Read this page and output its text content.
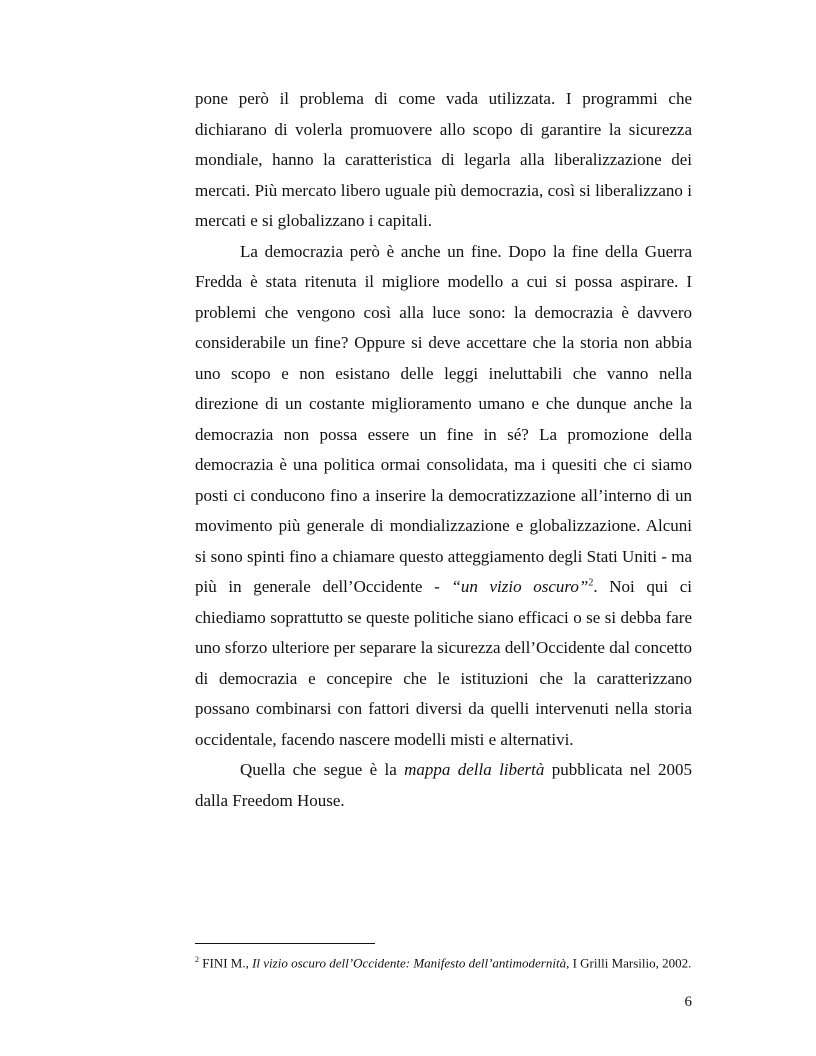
pone però il problema di come vada utilizzata. I programmi che dichiarano di volerla promuovere allo scopo di garantire la sicurezza mondiale, hanno la caratteristica di legarla alla liberalizzazione dei mercati. Più mercato libero uguale più democrazia, così si liberalizzano i mercati e si globalizzano i capitali.

La democrazia però è anche un fine. Dopo la fine della Guerra Fredda è stata ritenuta il migliore modello a cui si possa aspirare. I problemi che vengono così alla luce sono: la democrazia è davvero considerabile un fine? Oppure si deve accettare che la storia non abbia uno scopo e non esistano delle leggi ineluttabili che vanno nella direzione di un costante miglioramento umano e che dunque anche la democrazia non possa essere un fine in sé? La promozione della democrazia è una politica ormai consolidata, ma i quesiti che ci siamo posti ci conducono fino a inserire la democratizzazione all’interno di un movimento più generale di mondializzazione e globalizzazione. Alcuni si sono spinti fino a chiamare questo atteggiamento degli Stati Uniti - ma più in generale dell’Occidente - “un vizio oscuro”$^2$. Noi qui ci chiediamo soprattutto se queste politiche siano efficaci o se si debba fare uno sforzo ulteriore per separare la sicurezza dell’Occidente dal concetto di democrazia e concepire che le istituzioni che la caratterizzano possano combinarsi con fattori diversi da quelli intervenuti nella storia occidentale, facendo nascere modelli misti e alternativi.

Quella che segue è la mappa della libertà pubblicata nel 2005 dalla Freedom House.

$^2$ FINI M., Il vizio oscuro dell’Occidente: Manifesto dell’antimodernità, I Grilli Marsilio, 2002.
6
